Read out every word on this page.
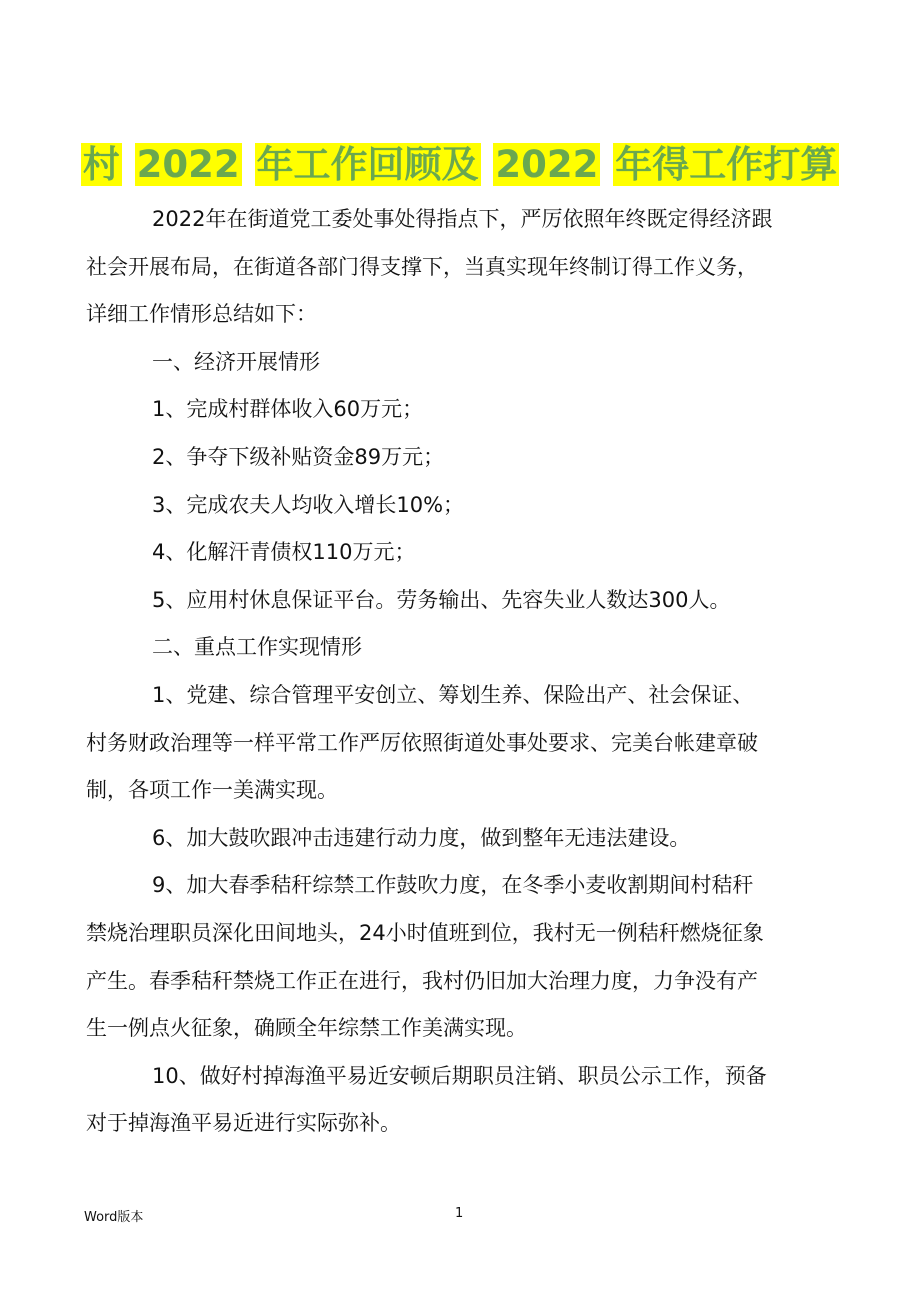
村 2022 年工作回顾及 2022 年得工作打算
2022年在街道党工委处事处得指点下，严厉依照年终既定得经济跟
社会开展布局，在街道各部门得支撑下，当真实现年终制订得工作义务，
详细工作情形总结如下：
一、经济开展情形
1、完成村群体收入60万元；
2、争夺下级补贴资金89万元；
3、完成农夫人均收入增长10%；
4、化解汗青债权110万元；
5、应用村休息保证平台。劳务输出、先容失业人数达300人。
二、重点工作实现情形
1、党建、综合管理平安创立、筹划生养、保险出产、社会保证、
村务财政治理等一样平常工作严厉依照街道处事处要求、完美台帐建章破
制，各项工作一美满实现。
6、加大鼓吹跟冲击违建行动力度，做到整年无违法建设。
9、加大春季秸秆综禁工作鼓吹力度，在冬季小麦收割期间村秸秆
禁烧治理职员深化田间地头，24小时值班到位，我村无一例秸秆燃烧征象
产生。春季秸秆禁烧工作正在进行，我村仍旧加大治理力度，力争没有产
生一例点火征象，确顾全年综禁工作美满实现。
10、做好村掉海渔平易近安顿后期职员注销、职员公示工作，预备
对于掉海渔平易近进行实际弥补。
Word版本	1
